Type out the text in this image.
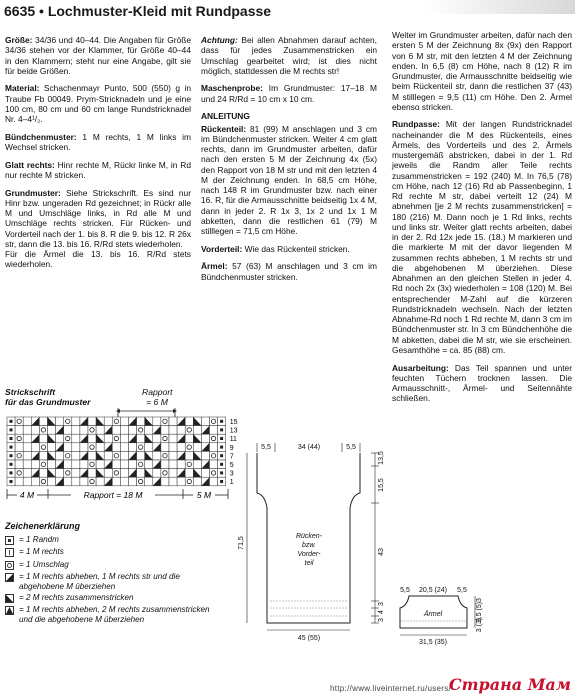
6635 • Lochmuster-Kleid mit Rundpasse

Größe: 34/36 und 40–44. Die Angaben für Größe 34/36 stehen vor der Klammer, für Größe 40–44 in den Klammern; steht nur eine Angabe, gilt sie für beide Größen.

Material: Schachenmayr Punto, 500 (550) g in Traube Fb 00049. Prym-Stricknadeln und je eine 100 cm, 80 cm und 60 cm lange Rundstricknadel Nr. 4–4¹/₂.

Bündchenmuster: 1 M rechts, 1 M links im Wechsel stricken.

Glatt rechts: Hinr rechte M, Rückr linke M, in Rd nur rechte M stricken.

Grundmuster: Siehe Strickschrift. Es sind nur Hinr bzw. ungeraden Rd gezeichnet; in Rückr alle M und Umschläge links, in Rd alle M und Umschläge rechts stricken. Für Rücken- und Vorderteil nach der 1. bis 8. R die 9. bis 12. R 26x str, dann die 13. bis 16. R/Rd stets wiederholen.

Für die Ärmel die 13. bis 16. R/Rd stets wiederholen.

Strickschrift
für das Grundmuster
Rapport
= 6 M
15
13
11
9
7
5
3
1
4 M	Rapport = 18 M	5 M
Zeichenerklärung
= 1 Randm
= 1 M rechts
= 1 Umschlag
= 1 M rechts abheben, 1 M rechts str und die abgehobene M überziehen
= 2 M rechts zusammenstricken
= 1 M rechts abheben, 2 M rechts zusammenstricken und die abgehobene M überziehen

Achtung: Bei allen Abnahmen darauf achten, dass für jedes Zusammenstricken ein Umschlag gearbeitet wird; ist dies nicht möglich, stattdessen die M rechts str!

Maschenprobe: Im Grundmuster: 17–18 M und 24 R/Rd = 10 cm x 10 cm.

ANLEITUNG

Rückenteil: 81 (99) M anschlagen und 3 cm im Bündchenmuster stricken. Weiter 4 cm glatt rechts, dann im Grundmuster arbeiten, dafür nach den ersten 5 M der Zeichnung 4x (5x) den Rapport von 18 M str und mit den letzten 4 M der Zeichnung enden. In 68,5 cm Höhe, nach 148 R im Grundmuster bzw. nach einer 16. R, für die Armausschnitte beidseitig 1x 4 M, dann in jeder 2. R 1x 3, 1x 2 und 1x 1 M abketten, dann die restlichen 61 (79) M stilllegen = 71,5 cm Höhe.

Vorderteil: Wie das Rückenteil stricken.

Ärmel: 57 (63) M anschlagen und 3 cm im Bündchenmuster stricken.

Weiter im Grundmuster arbeiten, dafür nach den ersten 5 M der Zeichnung 8x (9x) den Rapport von 6 M str, mit den letzten 4 M der Zeichnung enden. In 6,5 (8) cm Höhe, nach 8 (12) R im Grundmuster, die Armausschnitte beidseitig wie beim Rückenteil str, dann die restlichen 37 (43) M stilllegen = 9,5 (11) cm Höhe. Den 2. Ärmel ebenso stricken.

Rundpasse: Mit der langen Rundstricknadel nacheinander die M des Rückenteils, eines Ärmels, des Vorderteils und des 2. Ärmels mustergemäß abstricken, dabei in der 1. Rd jeweils die Randm aller Teile rechts zusammenstricken = 192 (240) M. In 76,5 (78) cm Höhe, nach 12 (16) Rd ab Passenbeginn, 1 Rd rechte M str, dabei verteilt 12 (24) M abnehmen [je 2 M rechts zusammenstricken] = 180 (216) M. Dann noch je 1 Rd links, rechts und links str. Weiter glatt rechts arbeiten, dabei in der 2. Rd 12x jede 15. (18.) M markieren und die markierte M mit der davor liegenden M zusammen rechts abheben, 1 M rechts str und die abgehobenen M überziehen. Diese Abnahmen an den gleichen Stellen in jeder 4. Rd noch 2x (3x) wiederholen = 108 (120) M. Bei entsprechender M-Zahl auf die kürzeren Rundstricknadeln wechseln. Nach der letzten Abnahme-Rd noch 1 Rd rechte M, dann 3 cm im Bündchenmuster str. In 3 cm Bündchenhöhe die M abketten, dabei die M str, wie sie erscheinen. Gesamthöhe = ca. 85 (88) cm.

Ausarbeitung: Das Teil spannen und unter feuchten Tüchern trocknen lassen. Die Armausschnitt-, Ärmel- und Seitennähte schließen.

5,5	34 (44)	5,5
Rücken-
bzw.
Vorder-
teil
71,5
13,5
15,5
43
3
4
3
45 (55)
Ärmel
5,5 20,5 (24) 5,5
31,5 (35)
3
3,5 (5)
3 (3)
http://www.liveinternet.ru/users/
Страна Мам
